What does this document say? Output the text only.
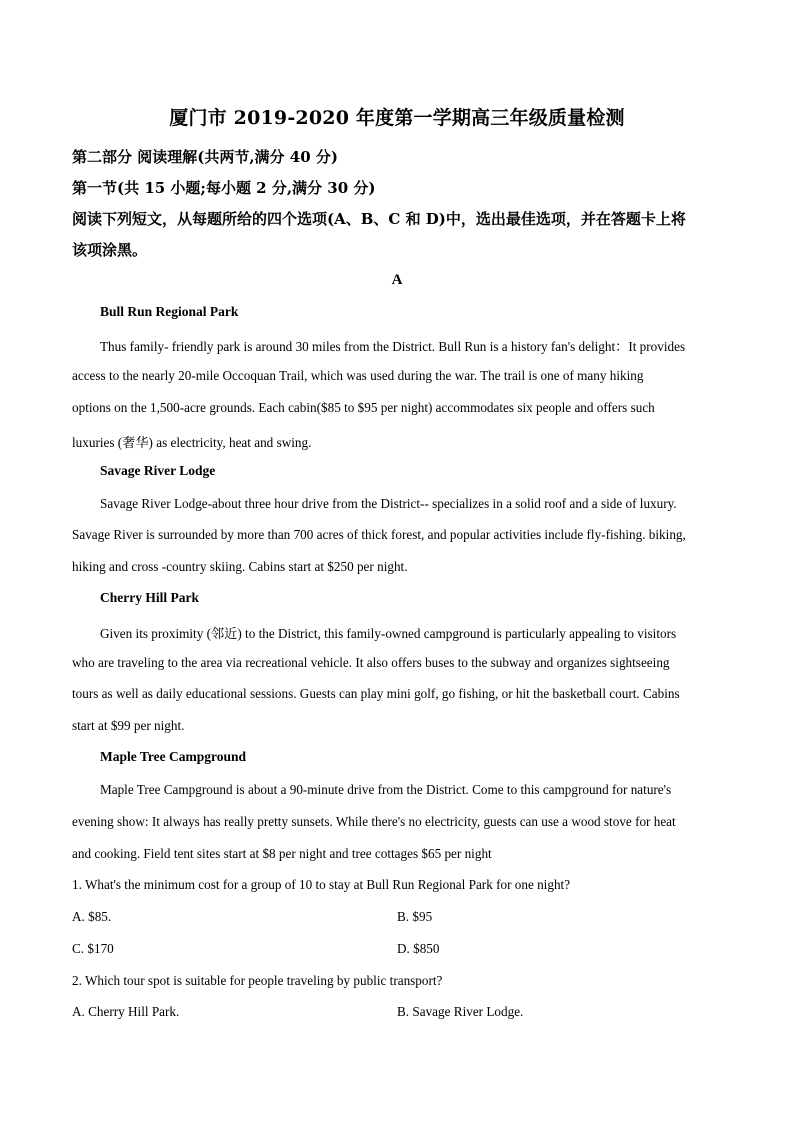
厦门市 2019-2020 年度第一学期高三年级质量检测
第二部分 阅读理解(共两节,满分 40 分)
第一节(共 15 小题;每小题 2 分,满分 30 分)
阅读下列短文，从每题所给的四个选项(A、B、C 和 D)中，选出最佳选项，并在答题卡上将
该项涂黑。
A
Bull Run Regional Park
Thus family- friendly park is around 30 miles from the District. Bull Run is a history fan's delight：It provides
access to the nearly 20-mile Occoquan Trail, which was used during the war. The trail is one of many hiking
options on the 1,500-acre grounds. Each cabin($85 to $95 per night) accommodates six people and offers such
luxuries (奢华) as electricity, heat and swing.
Savage River Lodge
Savage River Lodge-about three hour drive from the District-- specializes in a solid roof and a side of luxury.
Savage River is surrounded by more than 700 acres of thick forest, and popular activities include fly-fishing. biking,
hiking and cross -country skiing. Cabins start at $250 per night.
Cherry Hill Park
Given its proximity (邻近) to the District, this family-owned campground is particularly appealing to visitors
who are traveling to the area via recreational vehicle. It also offers buses to the subway and organizes sightseeing
tours as well as daily educational sessions. Guests can play mini golf, go fishing, or hit the basketball court. Cabins
start at $99 per night.
Maple Tree Campground
Maple Tree Campground is about a 90-minute drive from the District. Come to this campground for nature's
evening show: It always has really pretty sunsets. While there's no electricity, guests can use a wood stove for heat
and cooking. Field tent sites start at $8 per night and tree cottages $65 per night
1. What's the minimum cost for a group of 10 to stay at Bull Run Regional Park for one night?
A. $85.	B. $95
C. $170	D. $850
2. Which tour spot is suitable for people traveling by public transport?
A. Cherry Hill Park.	B. Savage River Lodge.
